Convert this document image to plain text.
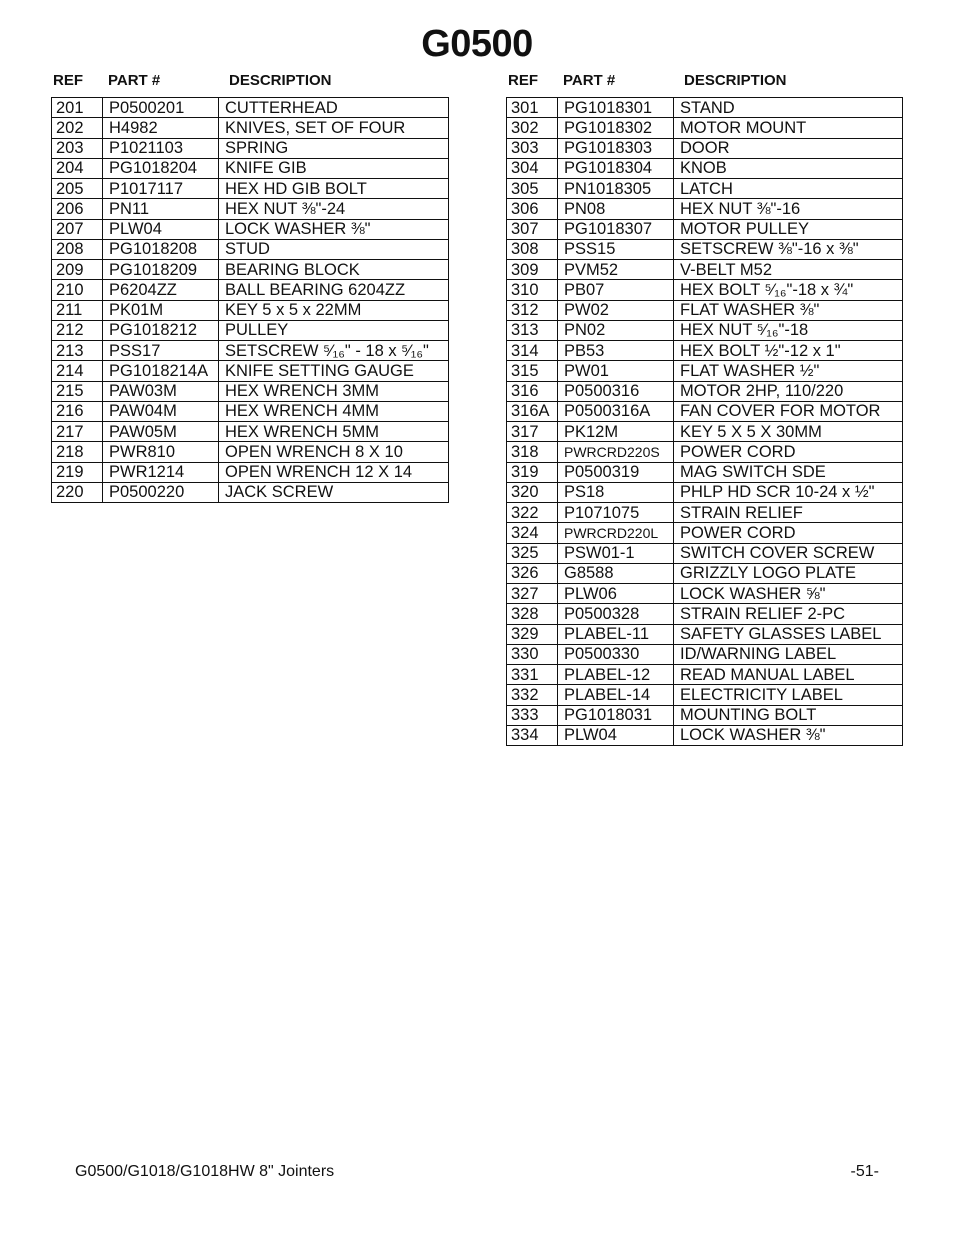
G0500
REF PART #	DESCRIPTION
201	P0500201	CUTTERHEAD
202	H4982	KNIVES, SET OF FOUR
203	P1021103	SPRING
204	PG1018204	KNIFE GIB
205	P1017117	HEX HD GIB BOLT
206	PN11	HEX NUT ⅜"-24
207	PLW04	LOCK WASHER ⅜"
208	PG1018208	STUD
209	PG1018209	BEARING BLOCK
210	P6204ZZ	BALL BEARING 6204ZZ
211	PK01M	KEY 5 x 5 x 22MM
212	PG1018212	PULLEY
213	PSS17	SETSCREW ⁵⁄₁₆" - 18 x ⁵⁄₁₆"
214	PG1018214A	KNIFE SETTING GAUGE
215	PAW03M	HEX WRENCH 3MM
216	PAW04M	HEX WRENCH 4MM
217	PAW05M	HEX WRENCH 5MM
218	PWR810	OPEN WRENCH 8 X 10
219	PWR1214	OPEN WRENCH 12 X 14
220	P0500220	JACK SCREW
REF PART #	DESCRIPTION
301	PG1018301	STAND
302	PG1018302	MOTOR MOUNT
303	PG1018303	DOOR
304	PG1018304	KNOB
305	PN1018305	LATCH
306	PN08	HEX NUT ⅜"-16
307	PG1018307	MOTOR PULLEY
308	PSS15	SETSCREW ⅜"-16 x ⅜"
309	PVM52	V-BELT M52
310	PB07	HEX BOLT ⁵⁄₁₆"-18 x ¾"
312	PW02	FLAT WASHER ⅜"
313	PN02	HEX NUT ⁵⁄₁₆"-18
314	PB53	HEX BOLT ½"-12 x 1"
315	PW01	FLAT WASHER ½"
316	P0500316	MOTOR 2HP, 110/220
316A	P0500316A	FAN COVER FOR MOTOR
317	PK12M	KEY 5 X 5 X 30MM
318	PWRCRD220S	POWER CORD
319	P0500319	MAG SWITCH SDE
320	PS18	PHLP HD SCR 10-24 x ½"
322	P1071075	STRAIN RELIEF
324	PWRCRD220L	POWER CORD
325	PSW01-1	SWITCH COVER SCREW
326	G8588	GRIZZLY LOGO PLATE
327	PLW06	LOCK WASHER ⅝"
328	P0500328	STRAIN RELIEF 2-PC
329	PLABEL-11	SAFETY GLASSES LABEL
330	P0500330	ID/WARNING LABEL
331	PLABEL-12	READ MANUAL LABEL
332	PLABEL-14	ELECTRICITY LABEL
333	PG1018031	MOUNTING BOLT
334	PLW04	LOCK WASHER ⅜"
G0500/G1018/G1018HW 8" Jointers	-51-
